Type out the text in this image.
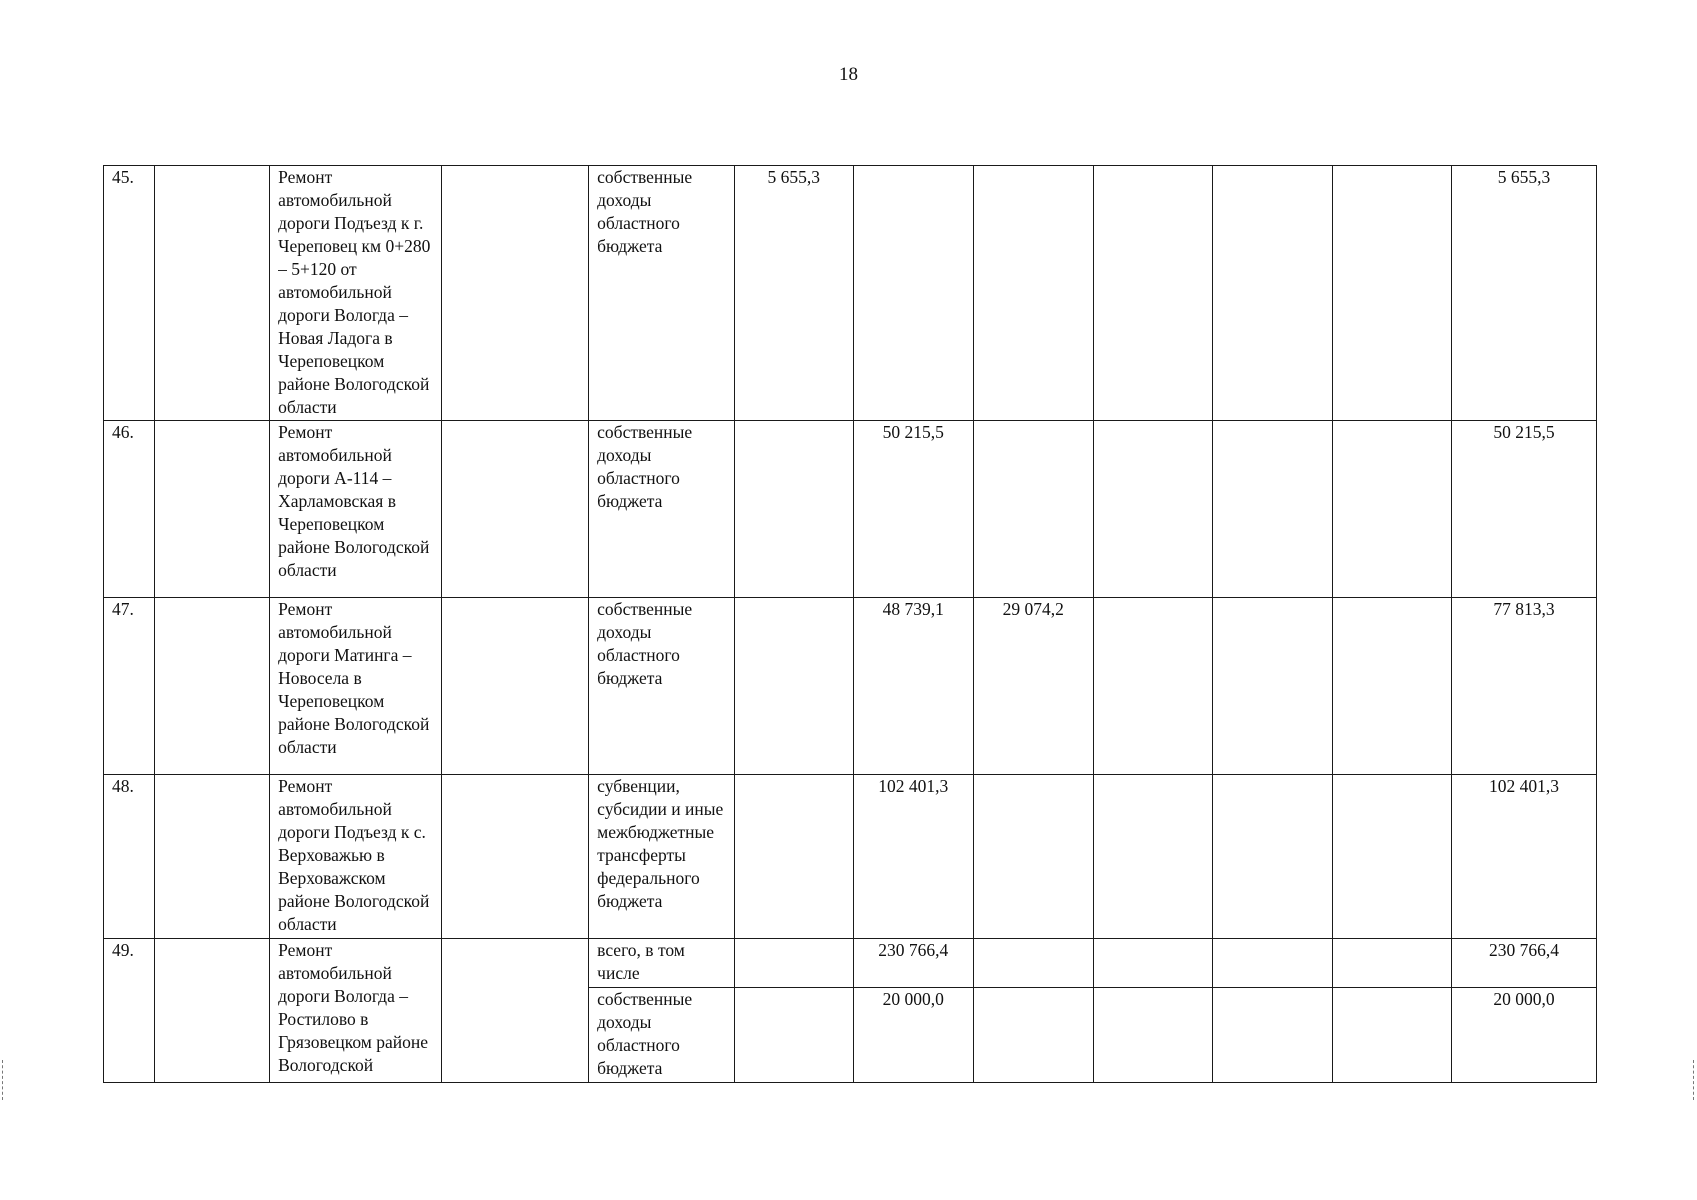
18
45.		Ремонт автомобильной дороги Подъезд к г. Череповец км 0+280 – 5+120 от автомобильной дороги Вологда – Новая Ладога в Череповецком районе Вологодской области		собственные доходы областного бюджета	5 655,3						5 655,3
46.		Ремонт автомобильной дороги А-114 – Харламовская в Череповецком районе Вологодской области		собственные доходы областного бюджета		50 215,5					50 215,5
47.		Ремонт автомобильной дороги Матинга – Новосела в Череповецком районе Вологодской области		собственные доходы областного бюджета		48 739,1	29 074,2				77 813,3
48.		Ремонт автомобильной дороги Подъезд к с. Верховажью в Верховажском районе Вологодской области		субвенции, субсидии и иные межбюджетные трансферты федерального бюджета		102 401,3					102 401,3
49.		Ремонт автомобильной дороги Вологда – Ростилово в Грязовецком районе Вологодской		всего, в том числе		230 766,4					230 766,4
				собственные доходы областного бюджета		20 000,0					20 000,0
